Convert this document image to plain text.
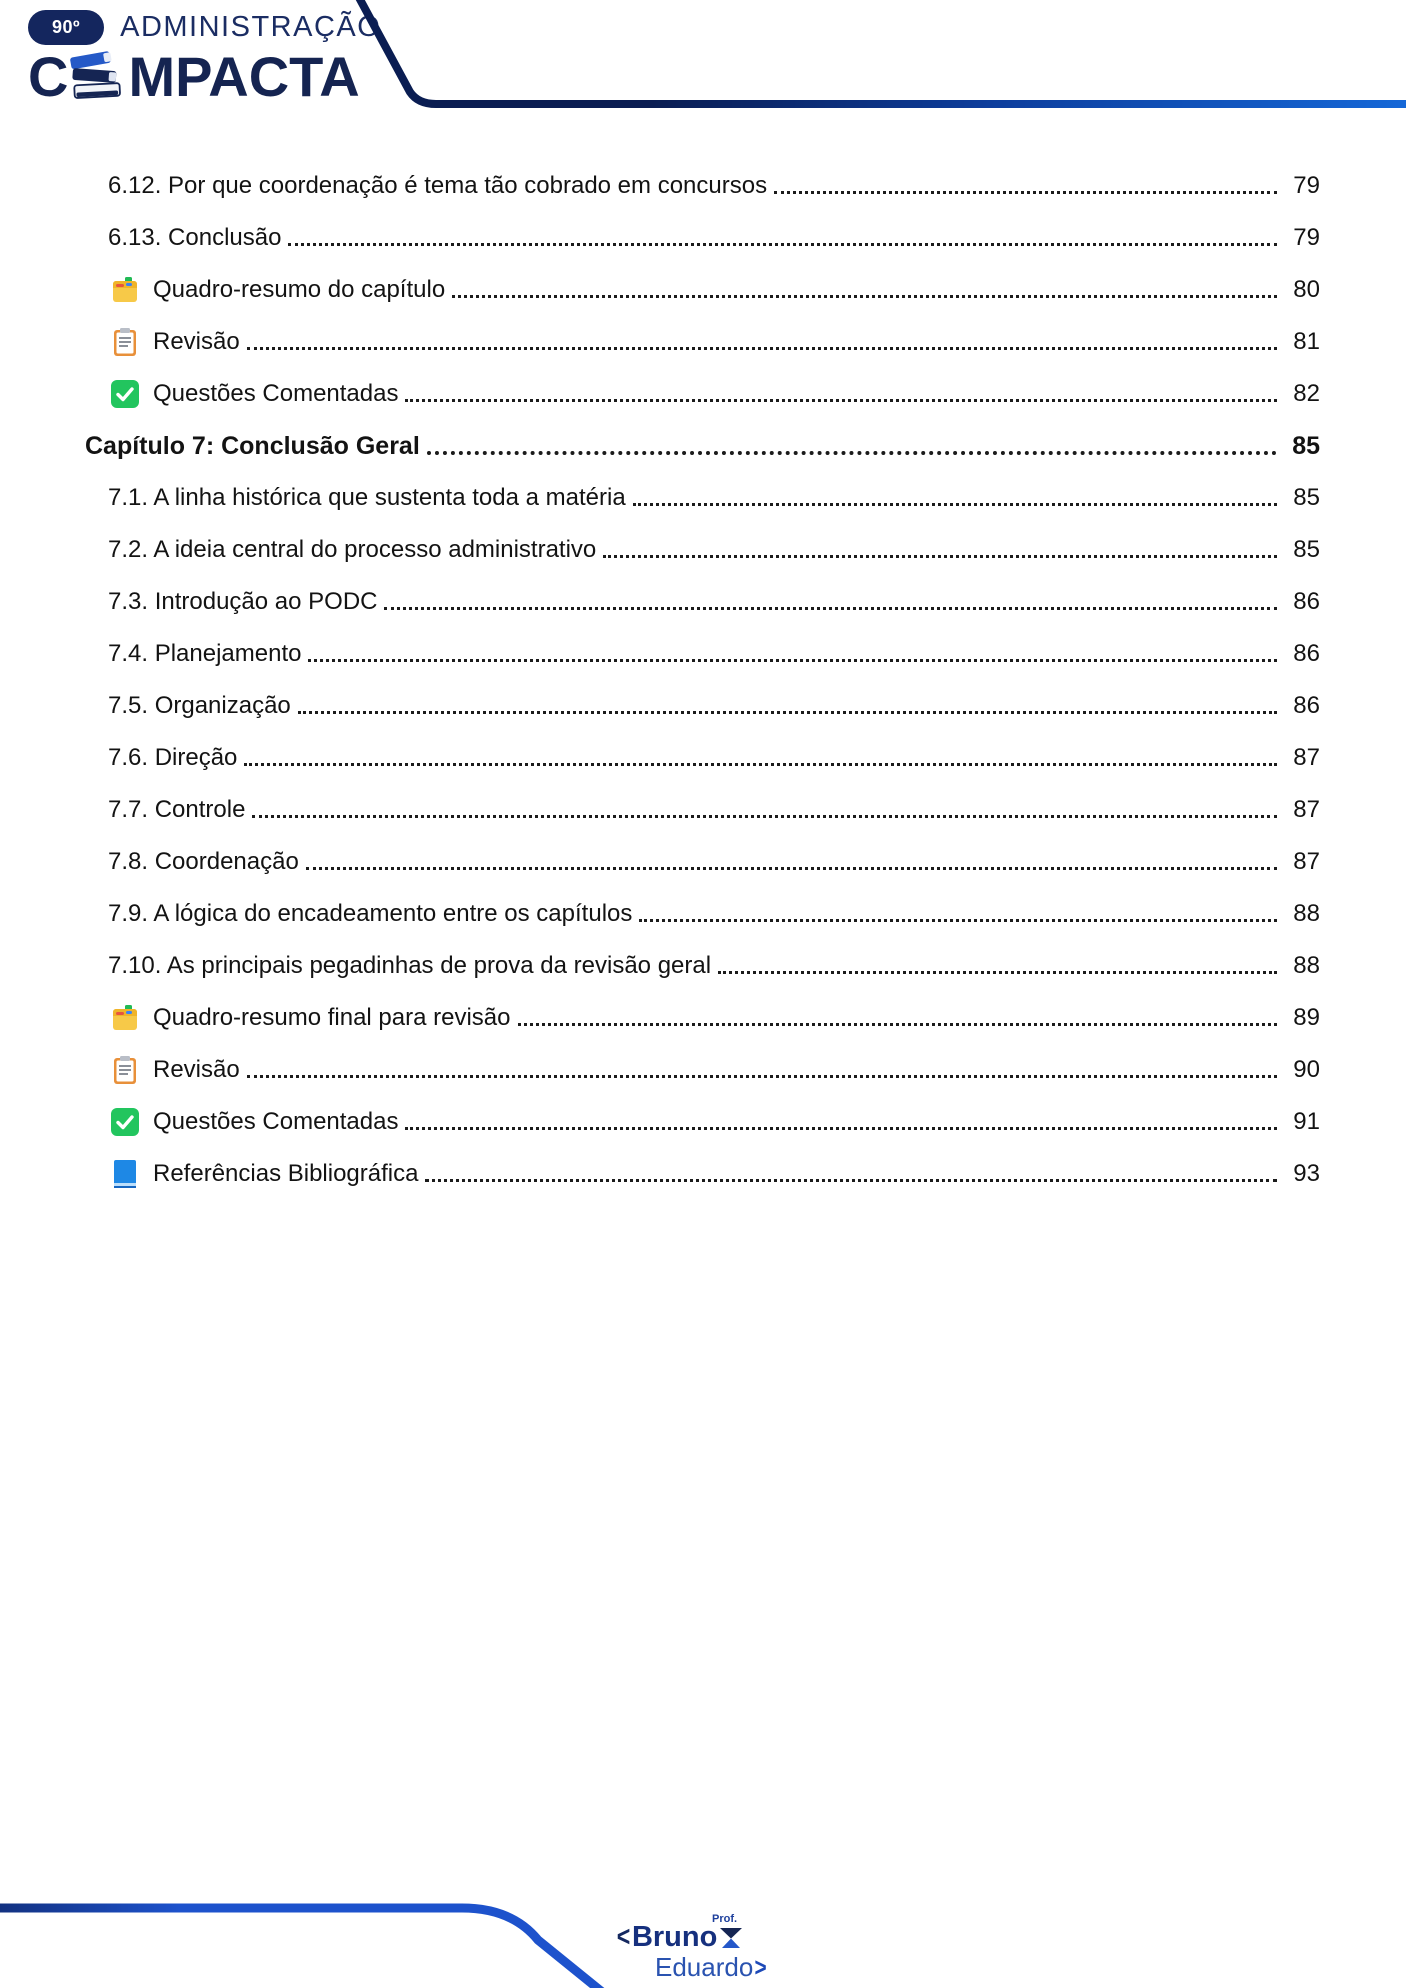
90º	ADMINISTRAÇÃO
C MPACTA
6.12. Por que coordenação é tema tão cobrado em concursos	79
6.13. Conclusão	79
Quadro-resumo do capítulo	80
Revisão	81
Questões Comentadas	82
Capítulo 7: Conclusão Geral	85
7.1. A linha histórica que sustenta toda a matéria	85
7.2. A ideia central do processo administrativo	85
7.3. Introdução ao PODC	86
7.4. Planejamento	86
7.5. Organização	86
7.6. Direção	87
7.7. Controle	87
7.8. Coordenação	87
7.9. A lógica do encadeamento entre os capítulos	88
7.10. As principais pegadinhas de prova da revisão geral	88
Quadro-resumo final para revisão	89
Revisão	90
Questões Comentadas	91
Referências Bibliográfica	93
Prof.
< Bruno
Eduardo >
